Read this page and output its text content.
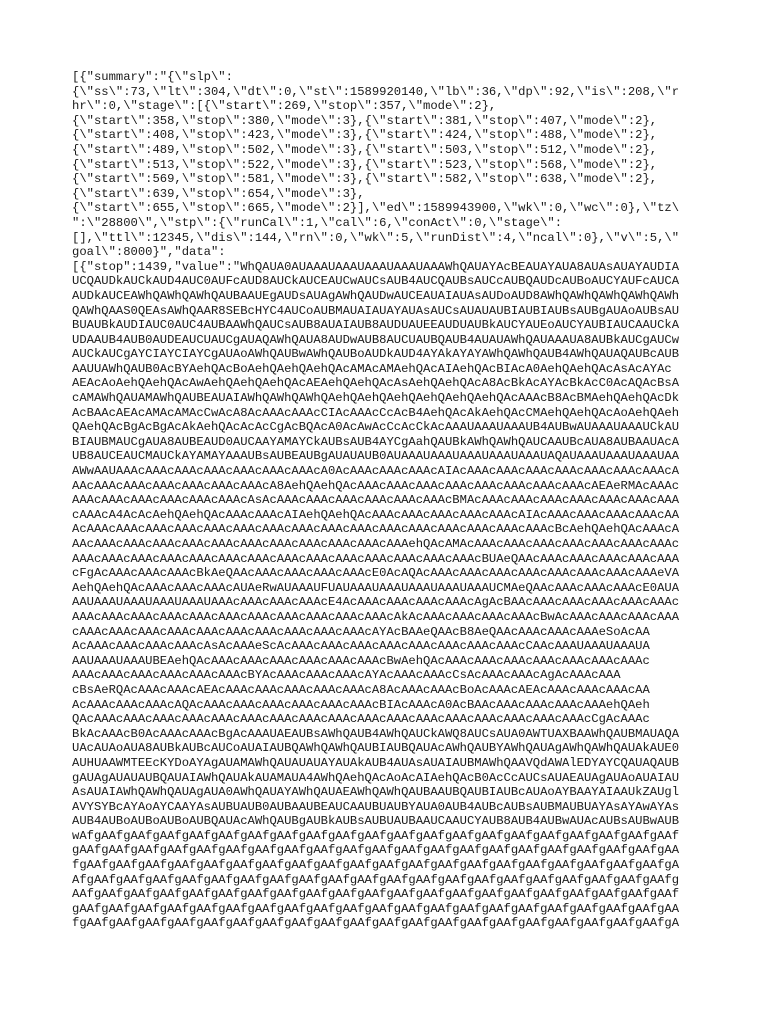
[{"summary":"{\"slp\":
{\"ss\":73,\"lt\":304,\"dt\":0,\"st\":1589920140,\"lb\":36,\"dp\":92,\"is\":208,\"r
hr\":0,\"stage\":[{\"start\":269,\"stop\":357,\"mode\":2},
{\"start\":358,\"stop\":380,\"mode\":3},{\"start\":381,\"stop\":407,\"mode\":2},
{\"start\":408,\"stop\":423,\"mode\":3},{\"start\":424,\"stop\":488,\"mode\":2},
{\"start\":489,\"stop\":502,\"mode\":3},{\"start\":503,\"stop\":512,\"mode\":2},
{\"start\":513,\"stop\":522,\"mode\":3},{\"start\":523,\"stop\":568,\"mode\":2},
{\"start\":569,\"stop\":581,\"mode\":3},{\"start\":582,\"stop\":638,\"mode\":2},
{\"start\":639,\"stop\":654,\"mode\":3},
{\"start\":655,\"stop\":665,\"mode\":2}],\"ed\":1589943900,\"wk\":0,\"wc\":0},\"tz\
":\"28800\",\"stp\":{\"runCal\":1,\"cal\":6,\"conAct\":0,\"stage\":
[],\"ttl\":12345,\"dis\":144,\"rn\":0,\"wk\":5,\"runDist\":4,\"ncal\":0},\"v\":5,\"
goal\":8000}","data":
[{"stop":1439,"value":"WhQAUA0AUAAAUAAAUAAAUAAAUAAAWhQAUAYAcBEAUAYAUA8AUAsAUAYAUDIA
UCQAUDkAUCkAUD4AUC0AUFcAUD8AUCkAUCEAUCwAUCsAUB4AUCQAUBsAUCcAUBQAUDcAUBoAUCYAUFcAUCA
AUDkAUCEAWhQAWhQAWhQAUBAAUEgAUDsAUAgAWhQAUDwAUCEAUAIAUAsAUDoAUD8AWhQAWhQAWhQAWhQAWh
QAWhQAAS0QEAsAWhQAAR8SEBcHYC4AUCoAUBMAUAIAUAYAUAsAUCsAUAUAUBIAUBIAUBsAUBgAUAoAUBsAU
BUAUBkAUDIAUC0AUC4AUBAAWhQAUCsAUB8AUAIAUB8AUDUAUEEAUDUAUBkAUCYAUEoAUCYAUBIAUCAAUCkA
UDAAUB4AUB0AUDEAUCUAUCgAUAQAWhQAUA8AUDwAUB8AUCUAUBQAUB4AUAUAWhQAUAAAUA8AUBkAUCgAUCw
AUCkAUCgAYCIAYCIAYCgAUAoAWhQAUBwAWhQAUBoAUDkAUD4AYAkAYAYAWhQAWhQAUB4AWhQAUAQAUBcAUB
AAUUAWhQAUB0AcBYAehQAcBoAehQAehQAehQAcAMAcAMAehQAcAIAehQAcBIAcA0AehQAehQAcAsAcAYAc
AEAcAoAehQAehQAcAwAehQAehQAehQAcAEAehQAehQAcAsAehQAehQAcA8AcBkAcAYAcBkAcC0AcAQAcBsA
cAMAWhQAUAMAWhQAUBEAUAIAWhQAWhQAWhQAehQAehQAehQAehQAehQAehQAcAAAcB8AcBMAehQAehQAcDk
AcBAAcAEAcAMAcAMAcCwAcA8AcAAAcAAAcCIAcAAAcCcAcB4AehQAcAkAehQAcCMAehQAehQAcAoAehQAeh
QAehQAcBgAcBgAcAkAehQAcAcAcCgAcBQAcA0AcAwAcCcAcCkAcAAAUAAAUAAAUB4AUBwAUAAAUAAAUCkAU
BIAUBMAUCgAUA8AUBEAUD0AUCAAYAMAYCkAUBsAUB4AYCgAahQAUBkAWhQAWhQAUCAAUBcAUA8AUBAAUAcA
UB8AUCEAUCMAUCkAYAMAYAAAUBsAUBEAUBgAUAUAUB0AUAAAUAAAUAAAUAAAUAAAUAQAUAAAUAAAUAAAUAA
AWwAAUAAAcAAAcAAAcAAAcAAAcAAAcAAAcA0AcAAAcAAAcAAAcAIAcAAAcAAAcAAAcAAAcAAAcAAAcAAAcA
AAcAAAcAAAcAAAcAAAcAAAcAAAcA8AehQAehQAcAAAcAAAcAAAcAAAcAAAcAAAcAAAcAAAcAEAeRMAcAAAc
AAAcAAAcAAAcAAAcAAAcAAAcAsAcAAAcAAAcAAAcAAAcAAAcAAAcBMAcAAAcAAAcAAAcAAAcAAAcAAAcAAA
cAAAcA4AcAcAehQAehQAcAAAcAAAcAIAehQAehQAcAAAcAAAcAAAcAAAcAAAcAIAcAAAcAAAcAAAcAAAcAA
AcAAAcAAAcAAAcAAAcAAAcAAAcAAAcAAAcAAAcAAAcAAAcAAAcAAAcAAAcAAAcAAAcBcAehQAehQAcAAAcA
AAcAAAcAAAcAAAcAAAcAAAcAAAcAAAcAAAcAAAcAAAcAAAehQAcAMAcAAAcAAAcAAAcAAAcAAAcAAAcAAAc
AAAcAAAcAAAcAAAcAAAcAAAcAAAcAAAcAAAcAAAcAAAcAAAcAAAcAAAcBUAeQAAcAAAcAAAcAAAcAAAcAAA
cFgAcAAAcAAAcAAAcBkAeQAAcAAAcAAAcAAAcAAAcE0AcAQAcAAAcAAAcAAAcAAAcAAAcAAAcAAAcAAAeVA
AehQAehQAcAAAcAAAcAAAcAUAeRwAUAAAUFUAUAAAUAAAUAAAUAAAUAAAUCMAeQAAcAAAcAAAcAAAcE0AUA
AAUAAAUAAAUAAAUAAAUAAAcAAAcAAAcAAAcE4AcAAAcAAAcAAAcAAAcAgAcBAAcAAAcAAAcAAAcAAAcAAAc
AAAcAAAcAAAcAAAcAAAcAAAcAAAcAAAcAAAcAAAcAAAcAkAcAAAcAAAcAAAcAAAcBwAcAAAcAAAcAAAcAAA
cAAAcAAAcAAAcAAAcAAAcAAAcAAAcAAAcAAAcAAAcAYAcBAAeQAAcB8AeQAAcAAAcAAAcAAAeSoAcAA
AcAAAcAAAcAAAcAAAcAsAcAAAeScAcAAAcAAAcAAAcAAAcAAAcAAAcAAAcAAAcCAAcAAAUAAAUAAAUA
AAUAAAUAAAUBEAehQAcAAAcAAAcAAAcAAAcAAAcAAAcBwAehQAcAAAcAAAcAAAcAAAcAAAcAAAcAAAc
AAAcAAAcAAAcAAAcAAAcAAAcBYAcAAAcAAAcAAAcAYAcAAAcAAAcCsAcAAAcAAAcAgAcAAAcAAA
cBsAeRQAcAAAcAAAcAEAcAAAcAAAcAAAcAAAcAAAcA8AcAAAcAAAcBoAcAAAcAEAcAAAcAAAcAAAcAA
AcAAAcAAAcAAAcAQAcAAAcAAAcAAAcAAAcAAAcAAAcBIAcAAAcA0AcBAAcAAAcAAAcAAAcAAAehQAeh
QAcAAAcAAAcAAAcAAAcAAAcAAAcAAAcAAAcAAAcAAAcAAAcAAAcAAAcAAAcAAAcAAAcAAAcCgAcAAAc
BkAcAAAcB0AcAAAcAAAcBgAcAAAUAEAUBsAWhQAUB4AWhQAUCkAWQ8AUCsAUA0AWTUAXBAAWhQAUBMAUAQA
UAcAUAoAUA8AUBkAUBcAUCoAUAIAUBQAWhQAWhQAUBIAUBQAUAcAWhQAUBYAWhQAUAgAWhQAWhQAUAkAUE0
AUHUAAWMTEEcKYDoAYAgAUAMAWhQAUAUAUAYAUAkAUB4AUAsAUAIAUBMAWhQAAVQdAWAlEDYAYCQAUAQAUB
gAUAgAUAUAUBQAUAIAWhQAUAkAUAMAUA4AWhQAehQAcAoAcAIAehQAcB0AcCcAUCsAUAEAUAgAUAoAUAIAU
AsAUAIAWhQAWhQAUAgAUA0AWhQAUAYAWhQAUAEAWhQAWhQAUBAAUBQAUBIAUBcAUAoAYBAAYAIAAUkZAUgl
AVYSYBcAYAoAYCAAYAsAUBUAUB0AUBAAUBEAUCAAUBUAUBYAUA0AUB4AUBcAUBsAUBMAUBUAYAsAYAwAYAs
AUB4AUBoAUBoAUBoAUBQAUAcAWhQAUBgAUBkAUBsAUBUAUBAAUCAAUCYAUB8AUB4AUBwAUAcAUBsAUBwAUB
wAfgAAfgAAfgAAfgAAfgAAfgAAfgAAfgAAfgAAfgAAfgAAfgAAfgAAfgAAfgAAfgAAfgAAfgAAfgAAfgAAf
gAAfgAAfgAAfgAAfgAAfgAAfgAAfgAAfgAAfgAAfgAAfgAAfgAAfgAAfgAAfgAAfgAAfgAAfgAAfgAAfgAA
fgAAfgAAfgAAfgAAfgAAfgAAfgAAfgAAfgAAfgAAfgAAfgAAfgAAfgAAfgAAfgAAfgAAfgAAfgAAfgAAfgA
AfgAAfgAAfgAAfgAAfgAAfgAAfgAAfgAAfgAAfgAAfgAAfgAAfgAAfgAAfgAAfgAAfgAAfgAAfgAAfgAAfg
AAfgAAfgAAfgAAfgAAfgAAfgAAfgAAfgAAfgAAfgAAfgAAfgAAfgAAfgAAfgAAfgAAfgAAfgAAfgAAfgAAf
gAAfgAAfgAAfgAAfgAAfgAAfgAAfgAAfgAAfgAAfgAAfgAAfgAAfgAAfgAAfgAAfgAAfgAAfgAAfgAAfgAA
fgAAfgAAfgAAfgAAfgAAfgAAfgAAfgAAfgAAfgAAfgAAfgAAfgAAfgAAfgAAfgAAfgAAfgAAfgAAfgAAfgA
